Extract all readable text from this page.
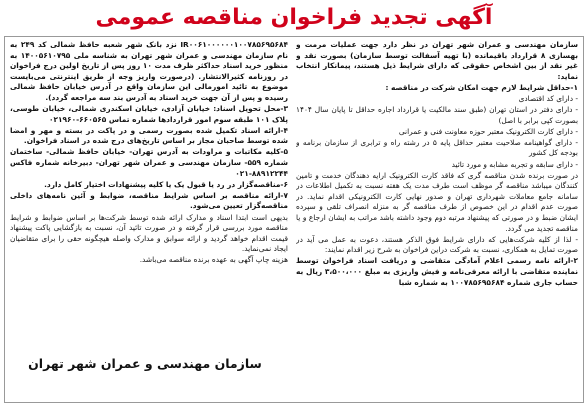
آگهی تجدید فراخوان مناقصه عمومی

سازمان مهندسی و عمران شهر تهران در نظر دارد جهت عملیات مرمت و بهسازی ۸ قرارداد باقیمانده (با تهیه آسفالت توسط سازمان) بصورت نقد و غیر نقد از بین اشخاص حقوقی که دارای شرایط ذیل هستند، پیمانکار انتخاب نماید:

۱-حداقل شرایط لازم جهت امکان شرکت در مناقصه :

- دارای کد اقتصادی

- دارای دفتر در استان تهران (طبق سند مالکیت یا قرارداد اجاره حداقل تا پایان سال ۱۴۰۴ بصورت کپی برابر با اصل)

- دارای کارت الکترونیک معتبر حوزه معاونت فنی و عمرانی

- دارای گواهینامه صلاحیت معتبر حداقل پایه ۵ در رشته راه و ترابری از سازمان برنامه و بودجه کل کشور

- دارای سابقه و تجربه مشابه و مورد تائید

در صورت برنده شدن مناقصه گری که فاقد کارت الکترونیک ارایه دهندگان خدمت و تامین کنندگان میباشد مناقصه گر موظف است طرف مدت یک هفته نسبت به تکمیل اطلاعات در سامانه جامع معاملات شهرداری تهران و صدور نهایی کارت الکترونیکی اقدام نماید. در صورت عدم اقدام در این خصوص از طرف مناقصه گر به منزله انصراف تلقی و سپرده ایشان ضبط و در صورتی که پیشنهاد مرتبه دوم وجود داشته باشد مراتب به ایشان ارجاع و یا مناقصه تجدید می گردد.

- لذا از کلیه شرکت‌هایی که دارای شرایط فوق الذکر هستند، دعوت به عمل می آید در صورت تمایل به همکاری، نسبت به شرکت دراین فراخوان به شرح زیر اقدام نمایند:

۲-ارائه نامه رسمی اعلام آمادگی متقاضی و دریافت اسناد فراخوان توسط نماینده متقاضی با ارائه معرفی‌نامه و فیش واریزی به مبلغ ۳،۵۰۰،۰۰۰ ریال به حساب جاری شماره ۱۰۰۷۸۵۶۹۵۶۸۴ به شماره شبا

IR۰۰۶۱۰۰۰۰۰۰۱۰۰۷۸۵۶۹۵۶۸۴ نزد بانک شهر شعبه حافظ شمالی کد ۲۴۹ به نام سازمان مهندسی و عمران شهر تهران به شناسه ملی ۱۴۰۰۵۶۱۰۷۹۵ به منظور خرید اسناد حداکثر ظرف مدت ۱۰ روز پس از تاریخ اولین درج فراخوان در روزنامه کثیرالانتشار. (درصورت واریز وجه از طریق اینترنتی می‌بایست موضوع به تائید امورمالی این سازمان واقع در آدرس خیابان حافظ شمالی رسیده و پس از آن جهت خرید اسناد به آدرس بند سه مراجعه گردد).

۳-محل تحویل اسناد: خیابان آزادی، خیابان اسکندری شمالی، خیابان طوسی، پلاک ۱۰۱ طبقه سوم امور قراردادها شماره تماس ۶۶۰۵۶۵-۰۲۱۹۶۰

۴-ارائه اسناد تکمیل شده بصورت رسمی و در پاکت در بسته و مهر و امضا شده توسط صاحبان مجاز بر اساس تاریخ‌های درج شده در اسناد فراخوان.

۵-کلیه مکاتبات و مراودات به آدرس تهران- خیابان حافظ شمالی- ساختمان شماره ۵۵۹- سازمان مهندسی و عمران شهر تهران- دبیرخانه شماره فاکس ۸۸۹۱۲۲۴۴-۰۲۱

۶-مناقصه‌گزار در رد یا قبول یک یا کلیه پیشنهادات اختیار کامل دارد.

۷-ارائه مناقصه بر اساس شرایط مناقصه، ضوابط و آئین نامه‌های داخلی مناقصه‌گزار تعیین می‌شود.

بدیهی است ابتدا اسناد و مدارک ارائه شده توسط شرکت‌ها بر اساس ضوابط و شرایط مناقصه مورد بررسی قرار گرفته و در صورت تائید آن، نسبت به بازگشایی پاکت پیشنهاد قیمت اقدام خواهد گردید و ارائه سوابق و مدارک واصله هیچگونه حقی را برای متقاضیان ایجاد نمی‌نماید.

هزینه چاپ آگهی به عهده برنده مناقصه می‌باشد.

سازمان مهندسی و عمران شهر تهران
